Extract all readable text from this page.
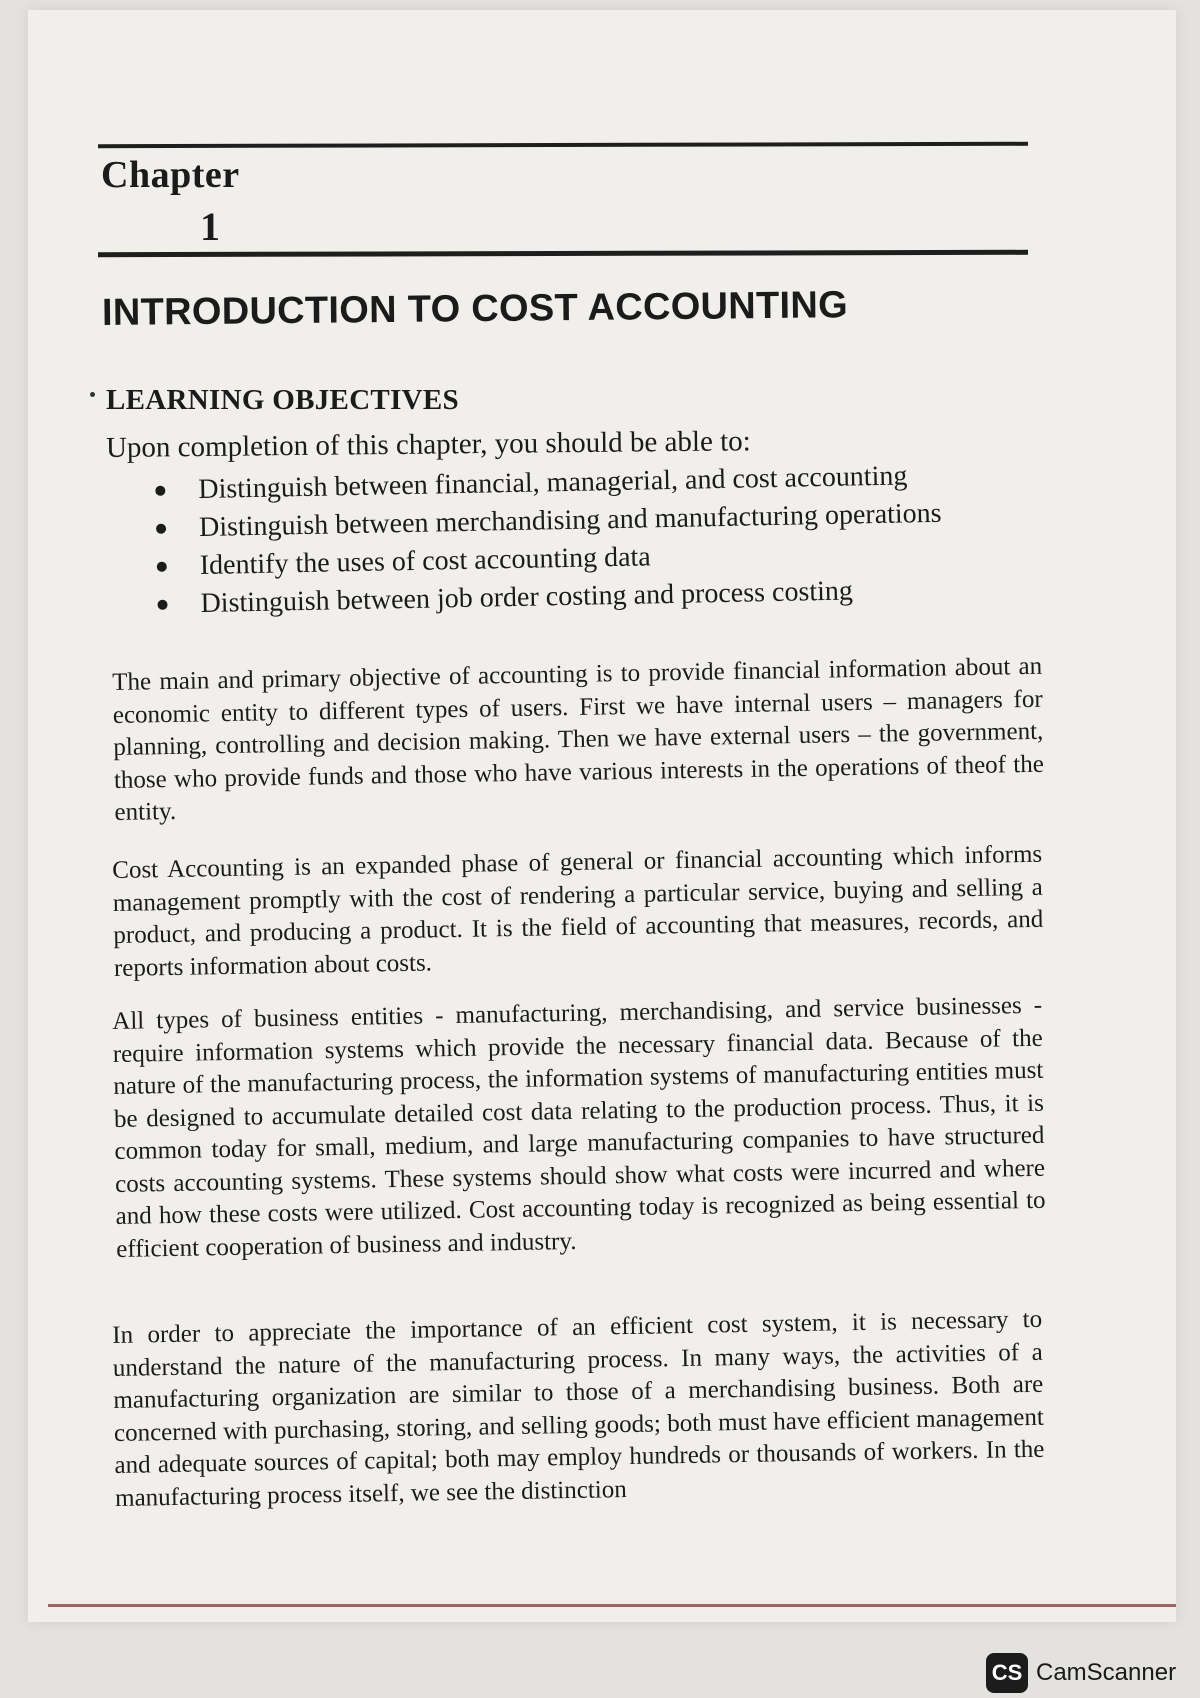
Chapter
1
INTRODUCTION TO COST ACCOUNTING
LEARNING OBJECTIVES
Upon completion of this chapter, you should be able to:
Distinguish between financial, managerial, and cost accounting
Distinguish between merchandising and manufacturing operations
Identify the uses of cost accounting data
Distinguish between job order costing and process costing

The main and primary objective of accounting is to provide financial information about an economic entity to different types of users. First we have internal users – managers for planning, controlling and decision making. Then we have external users – the government, those who provide funds and those who have various interests in the operations of theof the entity.

Cost Accounting is an expanded phase of general or financial accounting which informs management promptly with the cost of rendering a particular service, buying and selling a product, and producing a product. It is the field of accounting that measures, records, and reports information about costs.

All types of business entities - manufacturing, merchandising, and service businesses - require information systems which provide the necessary financial data. Because of the nature of the manufacturing process, the information systems of manufacturing entities must be designed to accumulate detailed cost data relating to the production process. Thus, it is common today for small, medium, and large manufacturing companies to have structured costs accounting systems. These systems should show what costs were incurred and where and how these costs were utilized. Cost accounting today is recognized as being essential to efficient cooperation of business and industry.

In order to appreciate the importance of an efficient cost system, it is necessary to understand the nature of the manufacturing process. In many ways, the activities of a manufacturing organization are similar to those of a merchandising business. Both are concerned with purchasing, storing, and selling goods; both must have efficient management and adequate sources of capital; both may employ hundreds or thousands of workers. In the manufacturing process itself, we see the distinction

CS CamScanner
